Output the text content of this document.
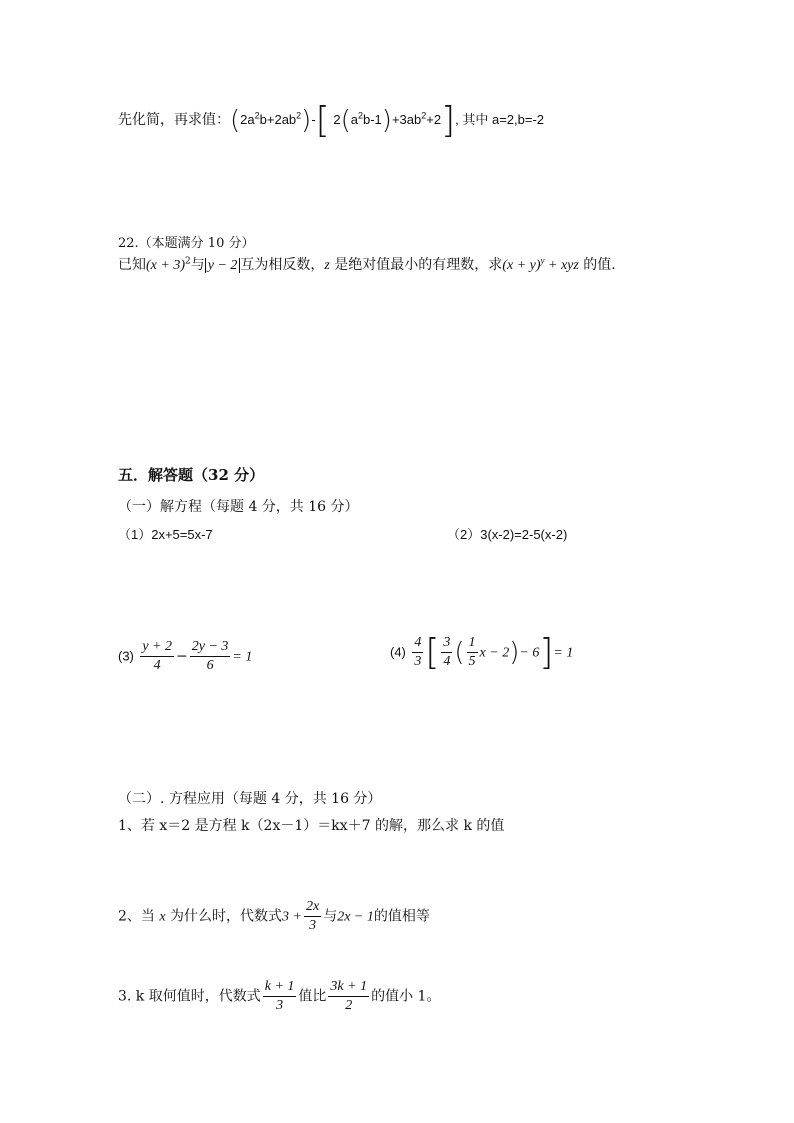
先化简，再求值：$(2a^2b+2ab^2)-$[ $2(a^2b-1)+3ab^2+2$], 其中 a=2,b=-2
22.（本题满分 10 分）
已知$(x + 3)^2$与 y − 2 互为相反数，z 是绝对值最小的有理数，求$(x + y)^y$ + xyz 的值.
五．解答题（32 分）
（一）解方程（每题 4 分，共 16 分）
（1）2x+5=5x-7	（2）3(x-2)=2-5(x-2)
$(3) \frac{y + 2}{4} - \frac{2y - 3}{6} = 1$	$(4) \frac{4}{3}$ [ $\frac{3}{4}$ ( $\frac{1}{5}$ x − 2)− 6]= 1
（二）. 方程应用（每题 4 分，共 16 分）
1、若 x＝2 是方程 k（2x－1）＝kx＋7 的解，那么求 k 的值
2、当 x 为什么时，代数式$3 + \frac{2x}{3}$ 与2x − 1的值相等
3. k 取何值时，代数式 $\frac{k + 1}{3}$ 值比 $\frac{3k + 1}{2}$ 的值小 1。
